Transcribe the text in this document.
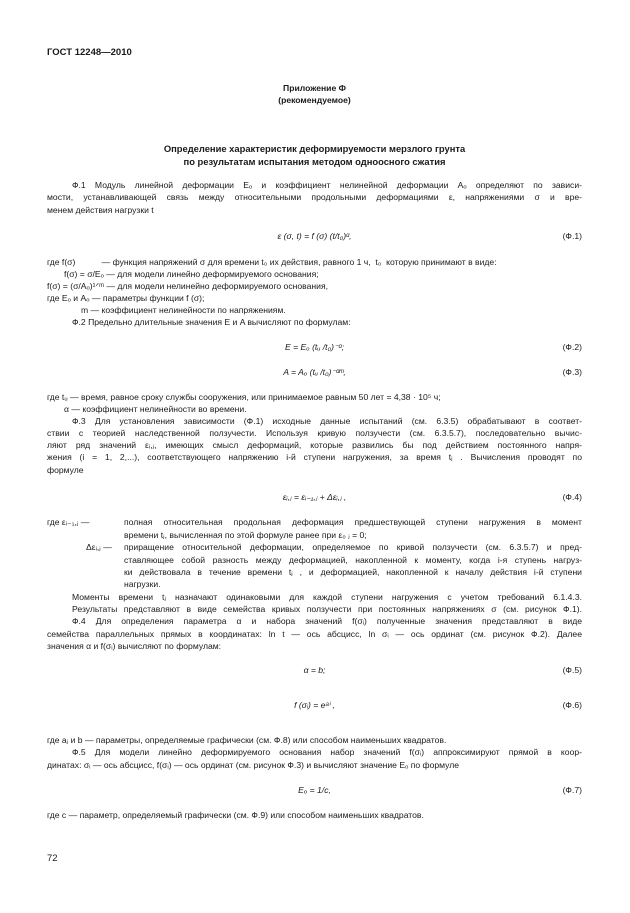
ГОСТ 12248—2010
Приложение Ф
(рекомендуемое)
Определение характеристик деформируемости мерзлого грунта
по результатам испытания методом одноосного сжатия
Ф.1 Модуль линейной деформации Eₒ и коэффициент нелинейной деформации Aₒ определяют по зависи-
мости, устанавливающей связь между относительными продольными деформациями ε, напряжениями σ и вре-
менем действия нагрузки t
ε (σ, t) = f (σ) (t/t₀)ᵅ,	(Ф.1)
где f(σ)           — функция напряжений σ для времени t₀ их действия, равного 1 ч,  t₀  которую принимают в виде:
f(σ) = σ/Eₒ — для модели линейно деформируемого основания;
f(σ) = (σ/Aₒ)¹ᐟᵐ — для модели нелинейно деформируемого основания,
где Eₒ и Aₒ — параметры функции f (σ);
m — коэффициент нелинейности по напряжениям.
Ф.2 Предельно длительные значения E и A вычисляют по формулам:
E = Eₒ (tᵤ /t₀)⁻ᵅ;	(Ф.2)
A = Aₒ (tᵤ /t₀)⁻ᵅᵐ,	(Ф.3)
где tᵤ — время, равное сроку службы сооружения, или принимаемое равным 50 лет = 4,38 · 10⁵ ч;
α — коэффициент нелинейности во времени.
Ф.3 Для установления зависимости (Ф.1) исходные данные испытаний (см. 6.3.5) обрабатывают в соответ-
ствии с теорией наследственной ползучести. Используя кривую ползучести (см. 6.3.5.7), последовательно вычис-
ляют ряд значений εᵢ,ⱼ, имеющих смысл деформаций, которые развились бы под действием постоянного напря-
жения (i = 1, 2,...), соответствующего напряжению i-й ступени нагружения, за время tⱼ . Вычисления проводят по
формуле
εᵢ,ⱼ = εᵢ₋₁,ⱼ + Δεᵢ,ⱼ ,	(Ф.4)
где εᵢ₋₁,ⱼ —	полная относительная продольная деформация предшествующей ступени нагружения в момент
времени tⱼ, вычисленная по этой формуле ранее при ε₀ ⱼ = 0;
Δεᵢ,ⱼ —	приращение относительной деформации, определяемое по кривой ползучести (см. 6.3.5.7) и пред-
ставляющее собой разность между деформацией, накопленной к моменту, когда i-я ступень нагруз-
ки действовала в течение времени tⱼ , и деформацией, накопленной к началу действия i-й ступени
нагрузки.
Моменты времени tⱼ назначают одинаковыми для каждой ступени нагружения с учетом требований 6.1.4.3.
Результаты представляют в виде семейства кривых ползучести при постоянных напряжениях σ (см. рисунок Ф.1).
Ф.4 Для определения параметра α и набора значений f(σᵢ) полученные значения представляют в виде
семейства параллельных прямых в координатах: ln t — ось абсцисс, ln σᵢ — ось ординат (см. рисунок Ф.2). Далее
значения α и f(σᵢ) вычисляют по формулам:
α = b;	(Ф.5)
f (σᵢ) = eᵃⁱ ,	(Ф.6)
где aⱼ и b — параметры, определяемые графически (см. Ф.8) или способом наименьших квадратов.
Ф.5 Для модели линейно деформируемого основания набор значений f(σᵢ) аппроксимируют прямой в коор-
динатах: σᵢ — ось абсцисс, f(σᵢ) — ось ординат (см. рисунок Ф.3) и вычисляют значение Eₒ по формуле
Eₒ = 1/c,	(Ф.7)
где c — параметр, определяемый графически (см. Ф.9) или способом наименьших квадратов.
72
